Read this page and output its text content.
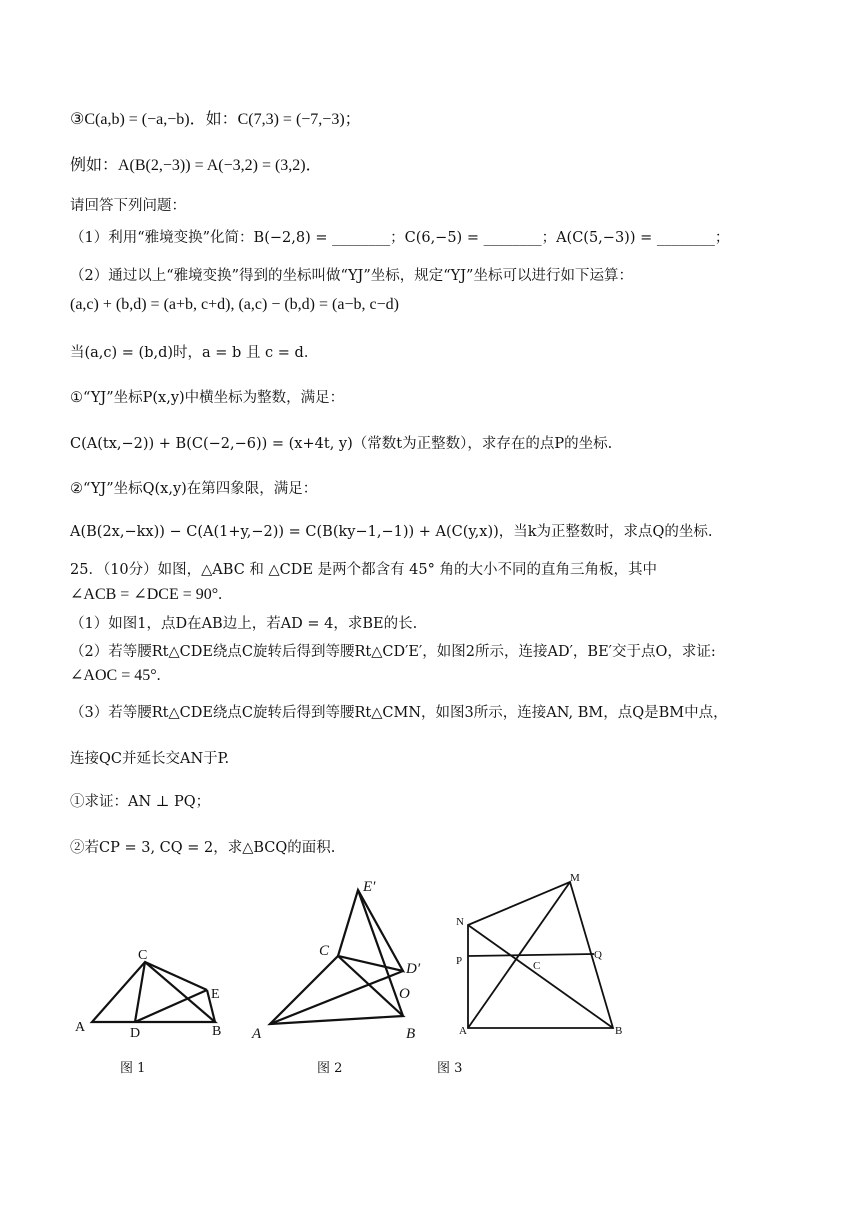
③C(a,b) = (−a,−b)．如：C(7,3) = (−7,−3)；
例如：A(B(2,−3)) = A(−3,2) = (3,2)．
请回答下列问题：
（1）利用“雅境变换”化简：B(−2,8) = ________；C(6,−5) = ________；A(C(5,−3)) = ________；
（2）通过以上“雅境变换”得到的坐标叫做“YJ”坐标，规定“YJ”坐标可以进行如下运算：
(a,c) + (b,d) = (a+b, c+d), (a,c) − (b,d) = (a−b, c−d)
当(a,c) = (b,d)时，a = b 且 c = d．
①“YJ”坐标P(x,y)中横坐标为整数，满足：
C(A(tx,−2)) + B(C(−2,−6)) = (x+4t, y)（常数t为正整数），求存在的点P的坐标.
②“YJ”坐标Q(x,y)在第四象限，满足：
A(B(2x,−kx)) − C(A(1+y,−2)) = C(B(ky−1,−1)) + A(C(y,x))，当k为正整数时，求点Q的坐标.
25．（10分）如图，△ABC 和 △CDE 是两个都含有 45° 角的大小不同的直角三角板，其中
∠ACB = ∠DCE = 90°.
（1）如图1，点D在AB边上，若AD = 4，求BE的长.
（2）若等腰Rt△CDE绕点C旋转后得到等腰Rt△CD′E′，如图2所示，连接AD′，BE′交于点O，求证:
∠AOC = 45°.
（3）若等腰Rt△CDE绕点C旋转后得到等腰Rt△CMN，如图3所示，连接AN, BM，点Q是BM中点，
连接QC并延长交AN于P.
①求证：AN ⊥ PQ；
②若CP = 3, CQ = 2，求△BCQ的面积.
C
E
A	D	B
图 1
E′
C
D′
O
A	B
图 2
M
N
P	C
Q
A	B
图 3
